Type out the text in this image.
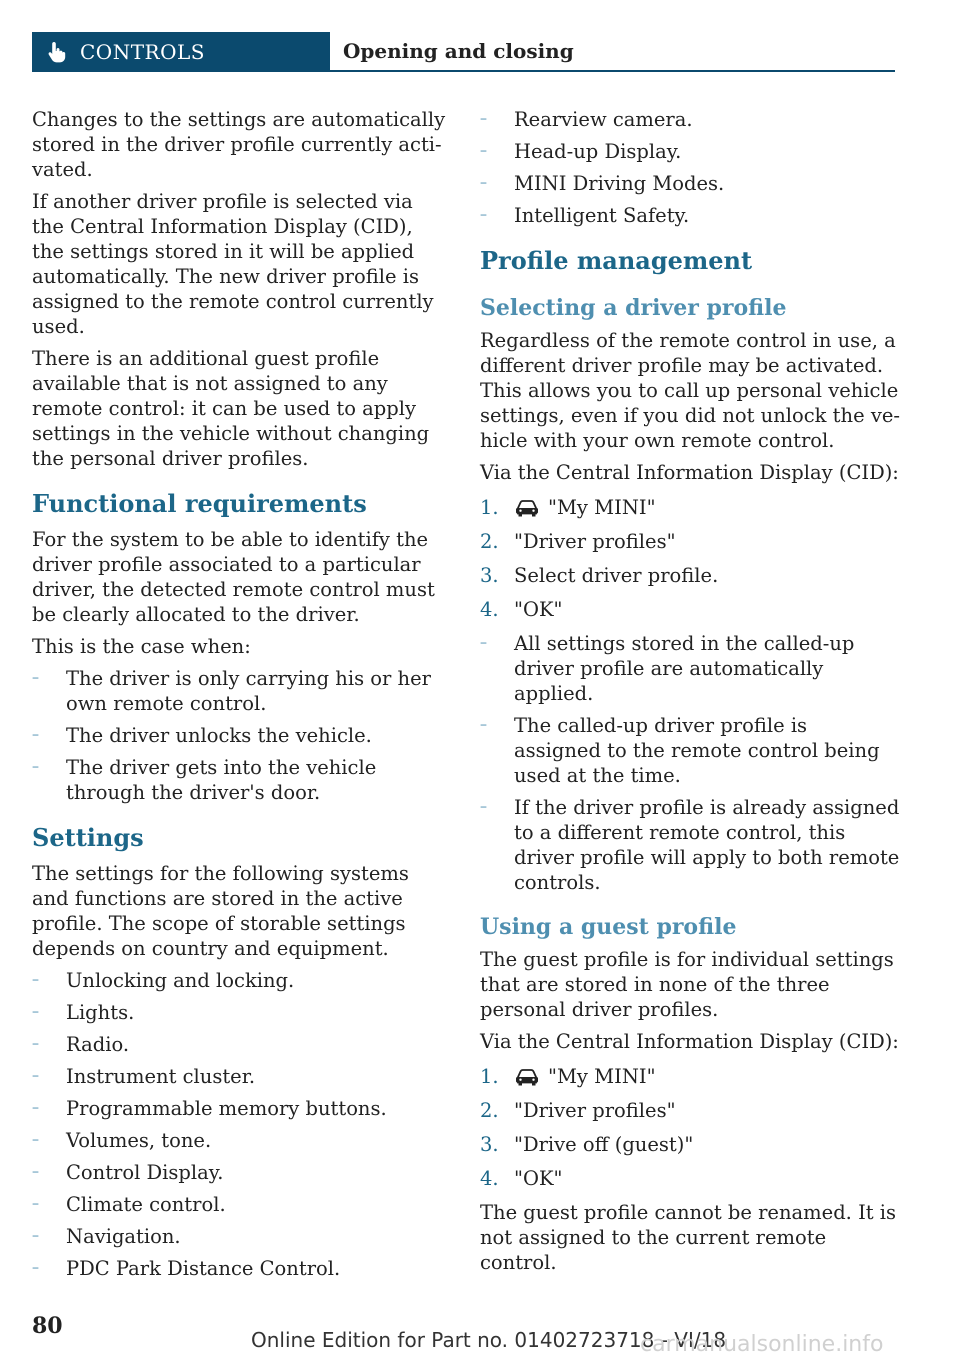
CONTROLS	Opening and closing

Changes to the settings are automatically stored in the driver profile currently activated.

If another driver profile is selected via the Central Information Display (CID), the settings stored in it will be applied automatically. The new driver profile is assigned to the remote control currently used.

There is an additional guest profile available that is not assigned to any remote control: it can be used to apply settings in the vehicle without changing the personal driver profiles.

Functional requirements

For the system to be able to identify the driver profile associated to a particular driver, the detected remote control must be clearly allocated to the driver.

This is the case when:

– The driver is only carrying his or her own remote control.
– The driver unlocks the vehicle.
– The driver gets into the vehicle through the driver's door.
Settings

The settings for the following systems and functions are stored in the active profile. The scope of storable settings depends on country and equipment.

– Unlocking and locking.
– Lights.
– Radio.
– Instrument cluster.
– Programmable memory buttons.
– Volumes, tone.
– Control Display.
– Climate control.
– Navigation.
– PDC Park Distance Control.
– Rearview camera.
– Head-up Display.
– MINI Driving Modes.
– Intelligent Safety.
Profile management
Selecting a driver profile

Regardless of the remote control in use, a different driver profile may be activated. This allows you to call up personal vehicle settings, even if you did not unlock the vehicle with your own remote control.

Via the Central Information Display (CID):

1.	"My MINI"
2. "Driver profiles"
3. Select driver profile.
4. "OK"
– All settings stored in the called-up driver profile are automatically applied.
– The called-up driver profile is assigned to the remote control being used at the time.
– If the driver profile is already assigned to a different remote control, this driver profile will apply to both remote controls.
Using a guest profile

The guest profile is for individual settings that are stored in none of the three personal driver profiles.

Via the Central Information Display (CID):

1.	"My MINI"
2. "Driver profiles"
3. "Drive off (guest)"
4. "OK"

The guest profile cannot be renamed. It is not assigned to the current remote control.

80
Online Edition for Part no. 01402723718 - VI/18
carmanualsonline.info
